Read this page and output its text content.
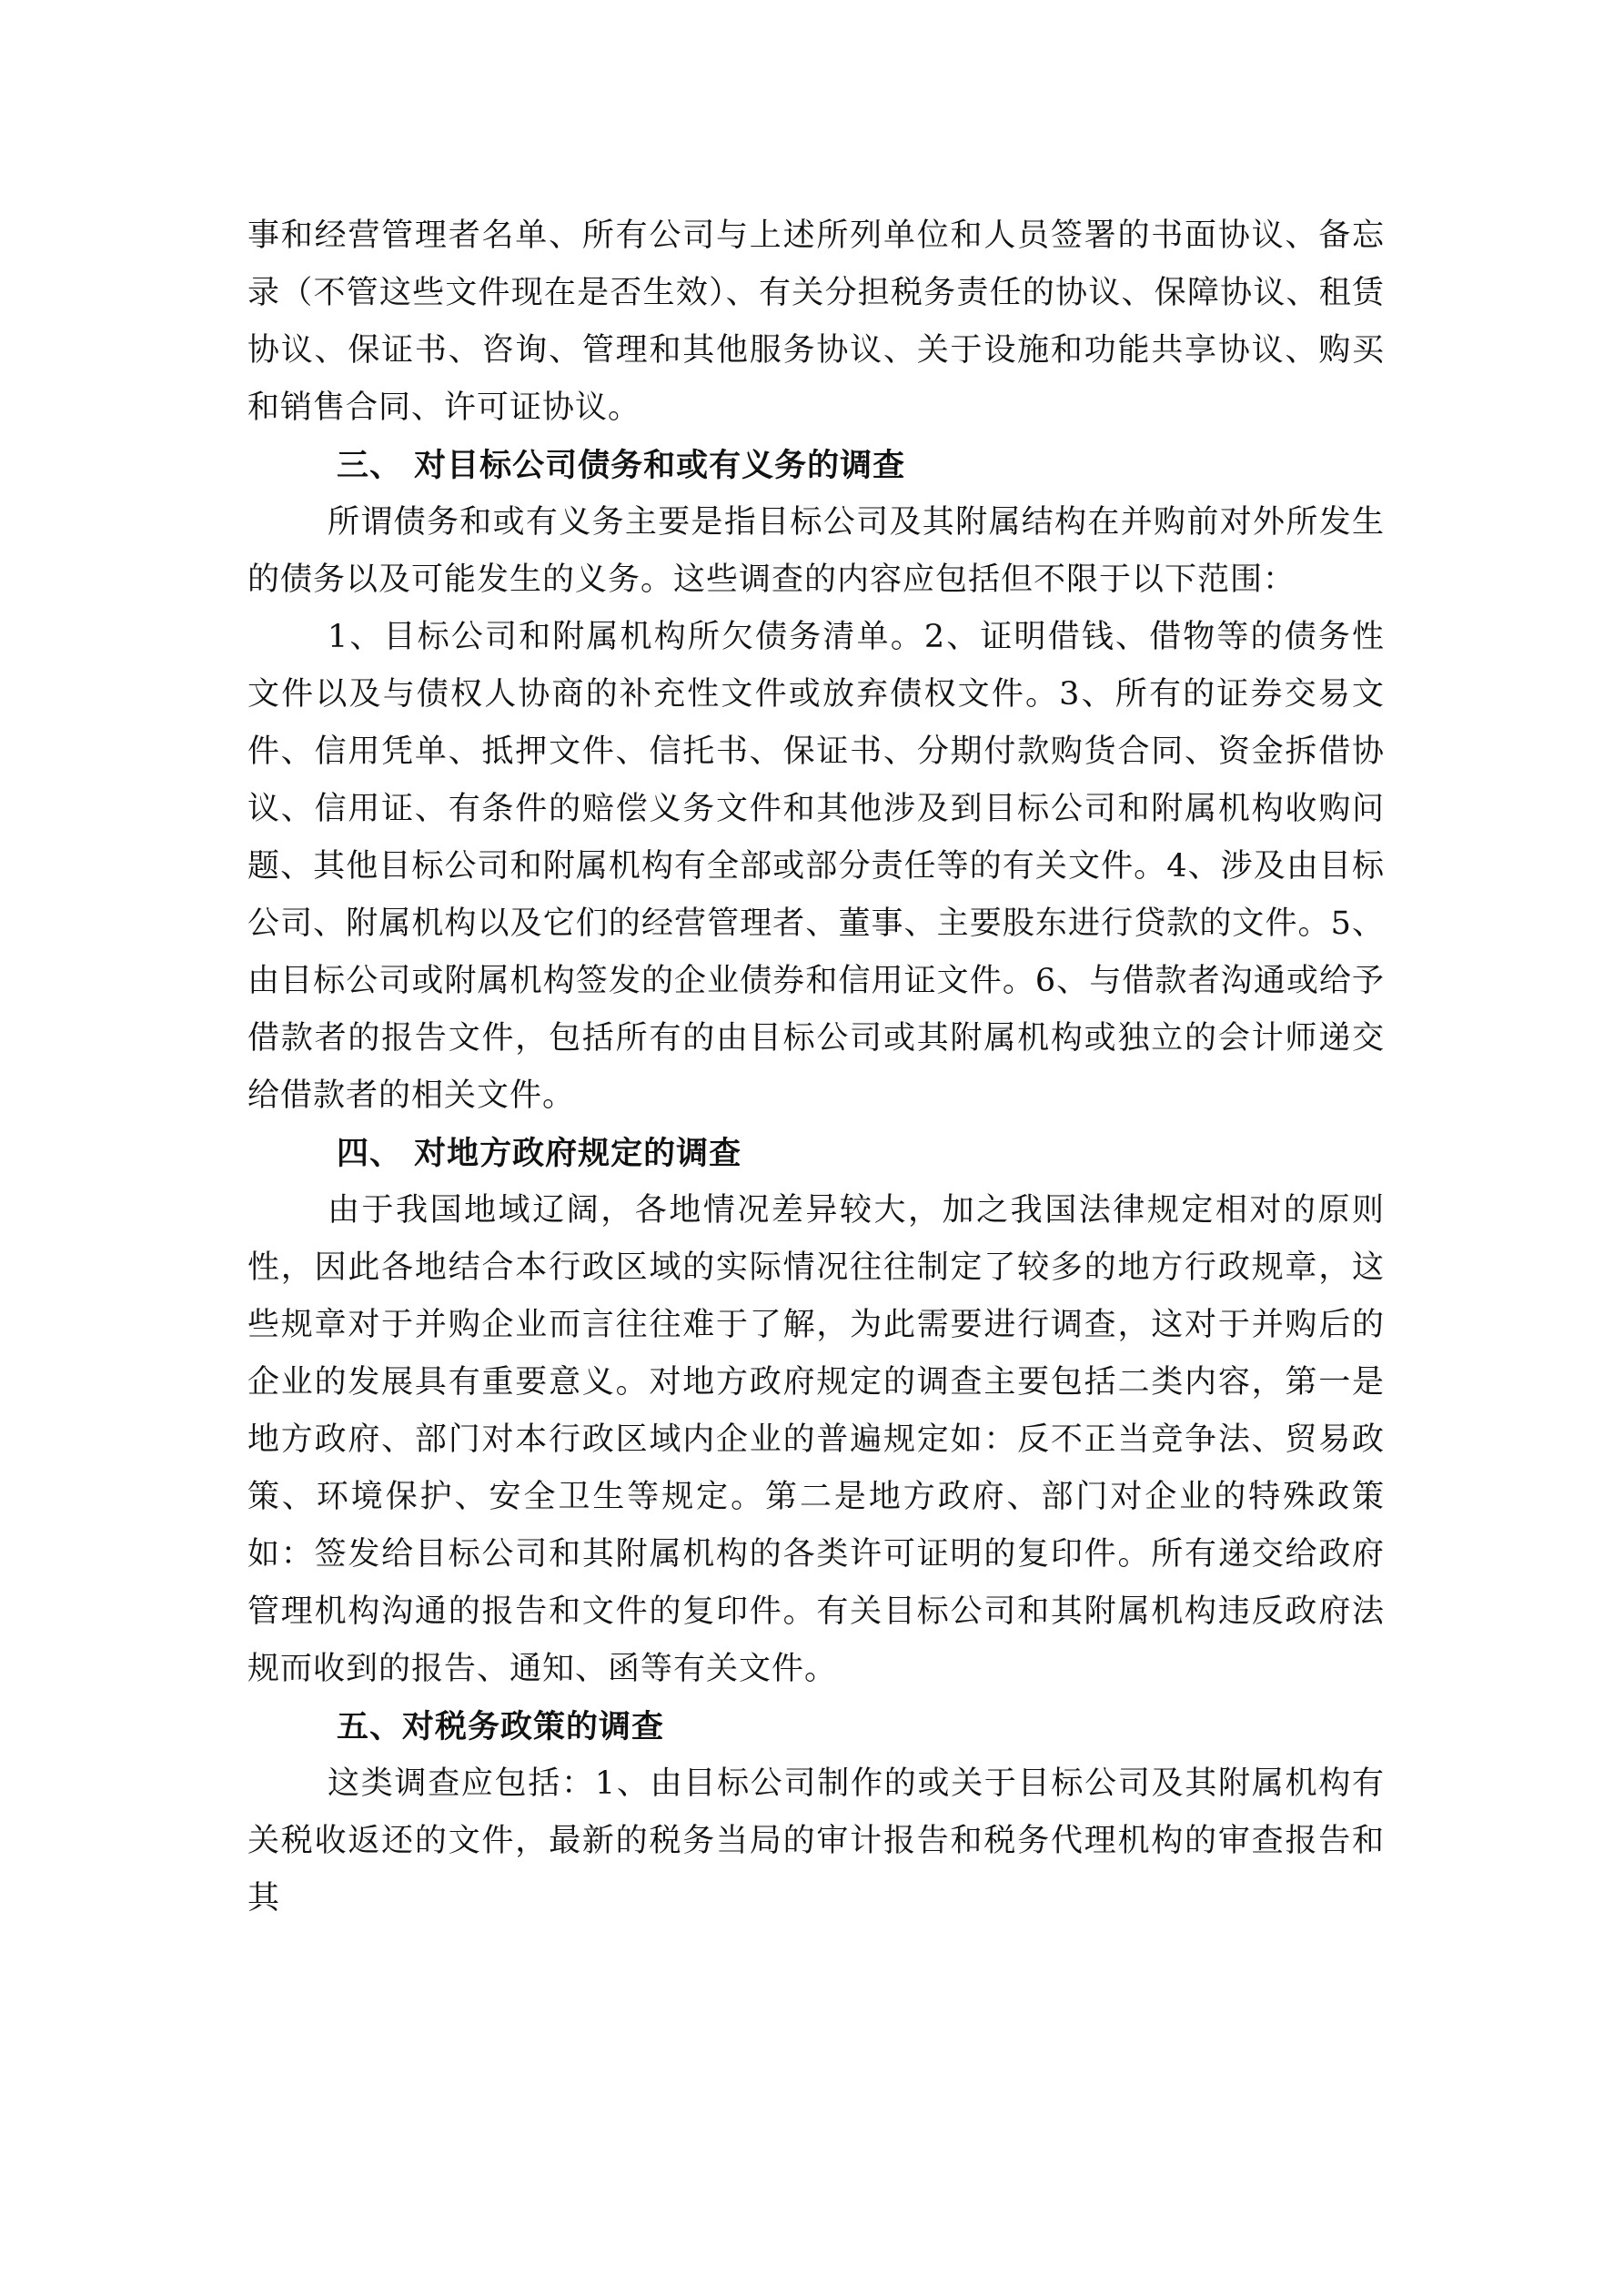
事和经营管理者名单、所有公司与上述所列单位和人员签署的书面协议、备忘录（不管这些文件现在是否生效）、有关分担税务责任的协议、保障协议、租赁协议、保证书、咨询、管理和其他服务协议、关于设施和功能共享协议、购买和销售合同、许可证协议。

三、 对目标公司债务和或有义务的调查

所谓债务和或有义务主要是指目标公司及其附属结构在并购前对外所发生的债务以及可能发生的义务。这些调查的内容应包括但不限于以下范围：

1、目标公司和附属机构所欠债务清单。2、证明借钱、借物等的债务性文件以及与债权人协商的补充性文件或放弃债权文件。3、所有的证券交易文件、信用凭单、抵押文件、信托书、保证书、分期付款购货合同、资金拆借协议、信用证、有条件的赔偿义务文件和其他涉及到目标公司和附属机构收购问题、其他目标公司和附属机构有全部或部分责任等的有关文件。4、涉及由目标公司、附属机构以及它们的经营管理者、董事、主要股东进行贷款的文件。5、由目标公司或附属机构签发的企业债券和信用证文件。6、与借款者沟通或给予借款者的报告文件，包括所有的由目标公司或其附属机构或独立的会计师递交给借款者的相关文件。

四、 对地方政府规定的调查

由于我国地域辽阔，各地情况差异较大，加之我国法律规定相对的原则性，因此各地结合本行政区域的实际情况往往制定了较多的地方行政规章，这些规章对于并购企业而言往往难于了解，为此需要进行调查，这对于并购后的企业的发展具有重要意义。对地方政府规定的调查主要包括二类内容，第一是地方政府、部门对本行政区域内企业的普遍规定如：反不正当竞争法、贸易政策、环境保护、安全卫生等规定。第二是地方政府、部门对企业的特殊政策如：签发给目标公司和其附属机构的各类许可证明的复印件。所有递交给政府管理机构沟通的报告和文件的复印件。有关目标公司和其附属机构违反政府法规而收到的报告、通知、函等有关文件。

五、对税务政策的调查

这类调查应包括：1、由目标公司制作的或关于目标公司及其附属机构有关税收返还的文件，最新的税务当局的审计报告和税务代理机构的审查报告和其
